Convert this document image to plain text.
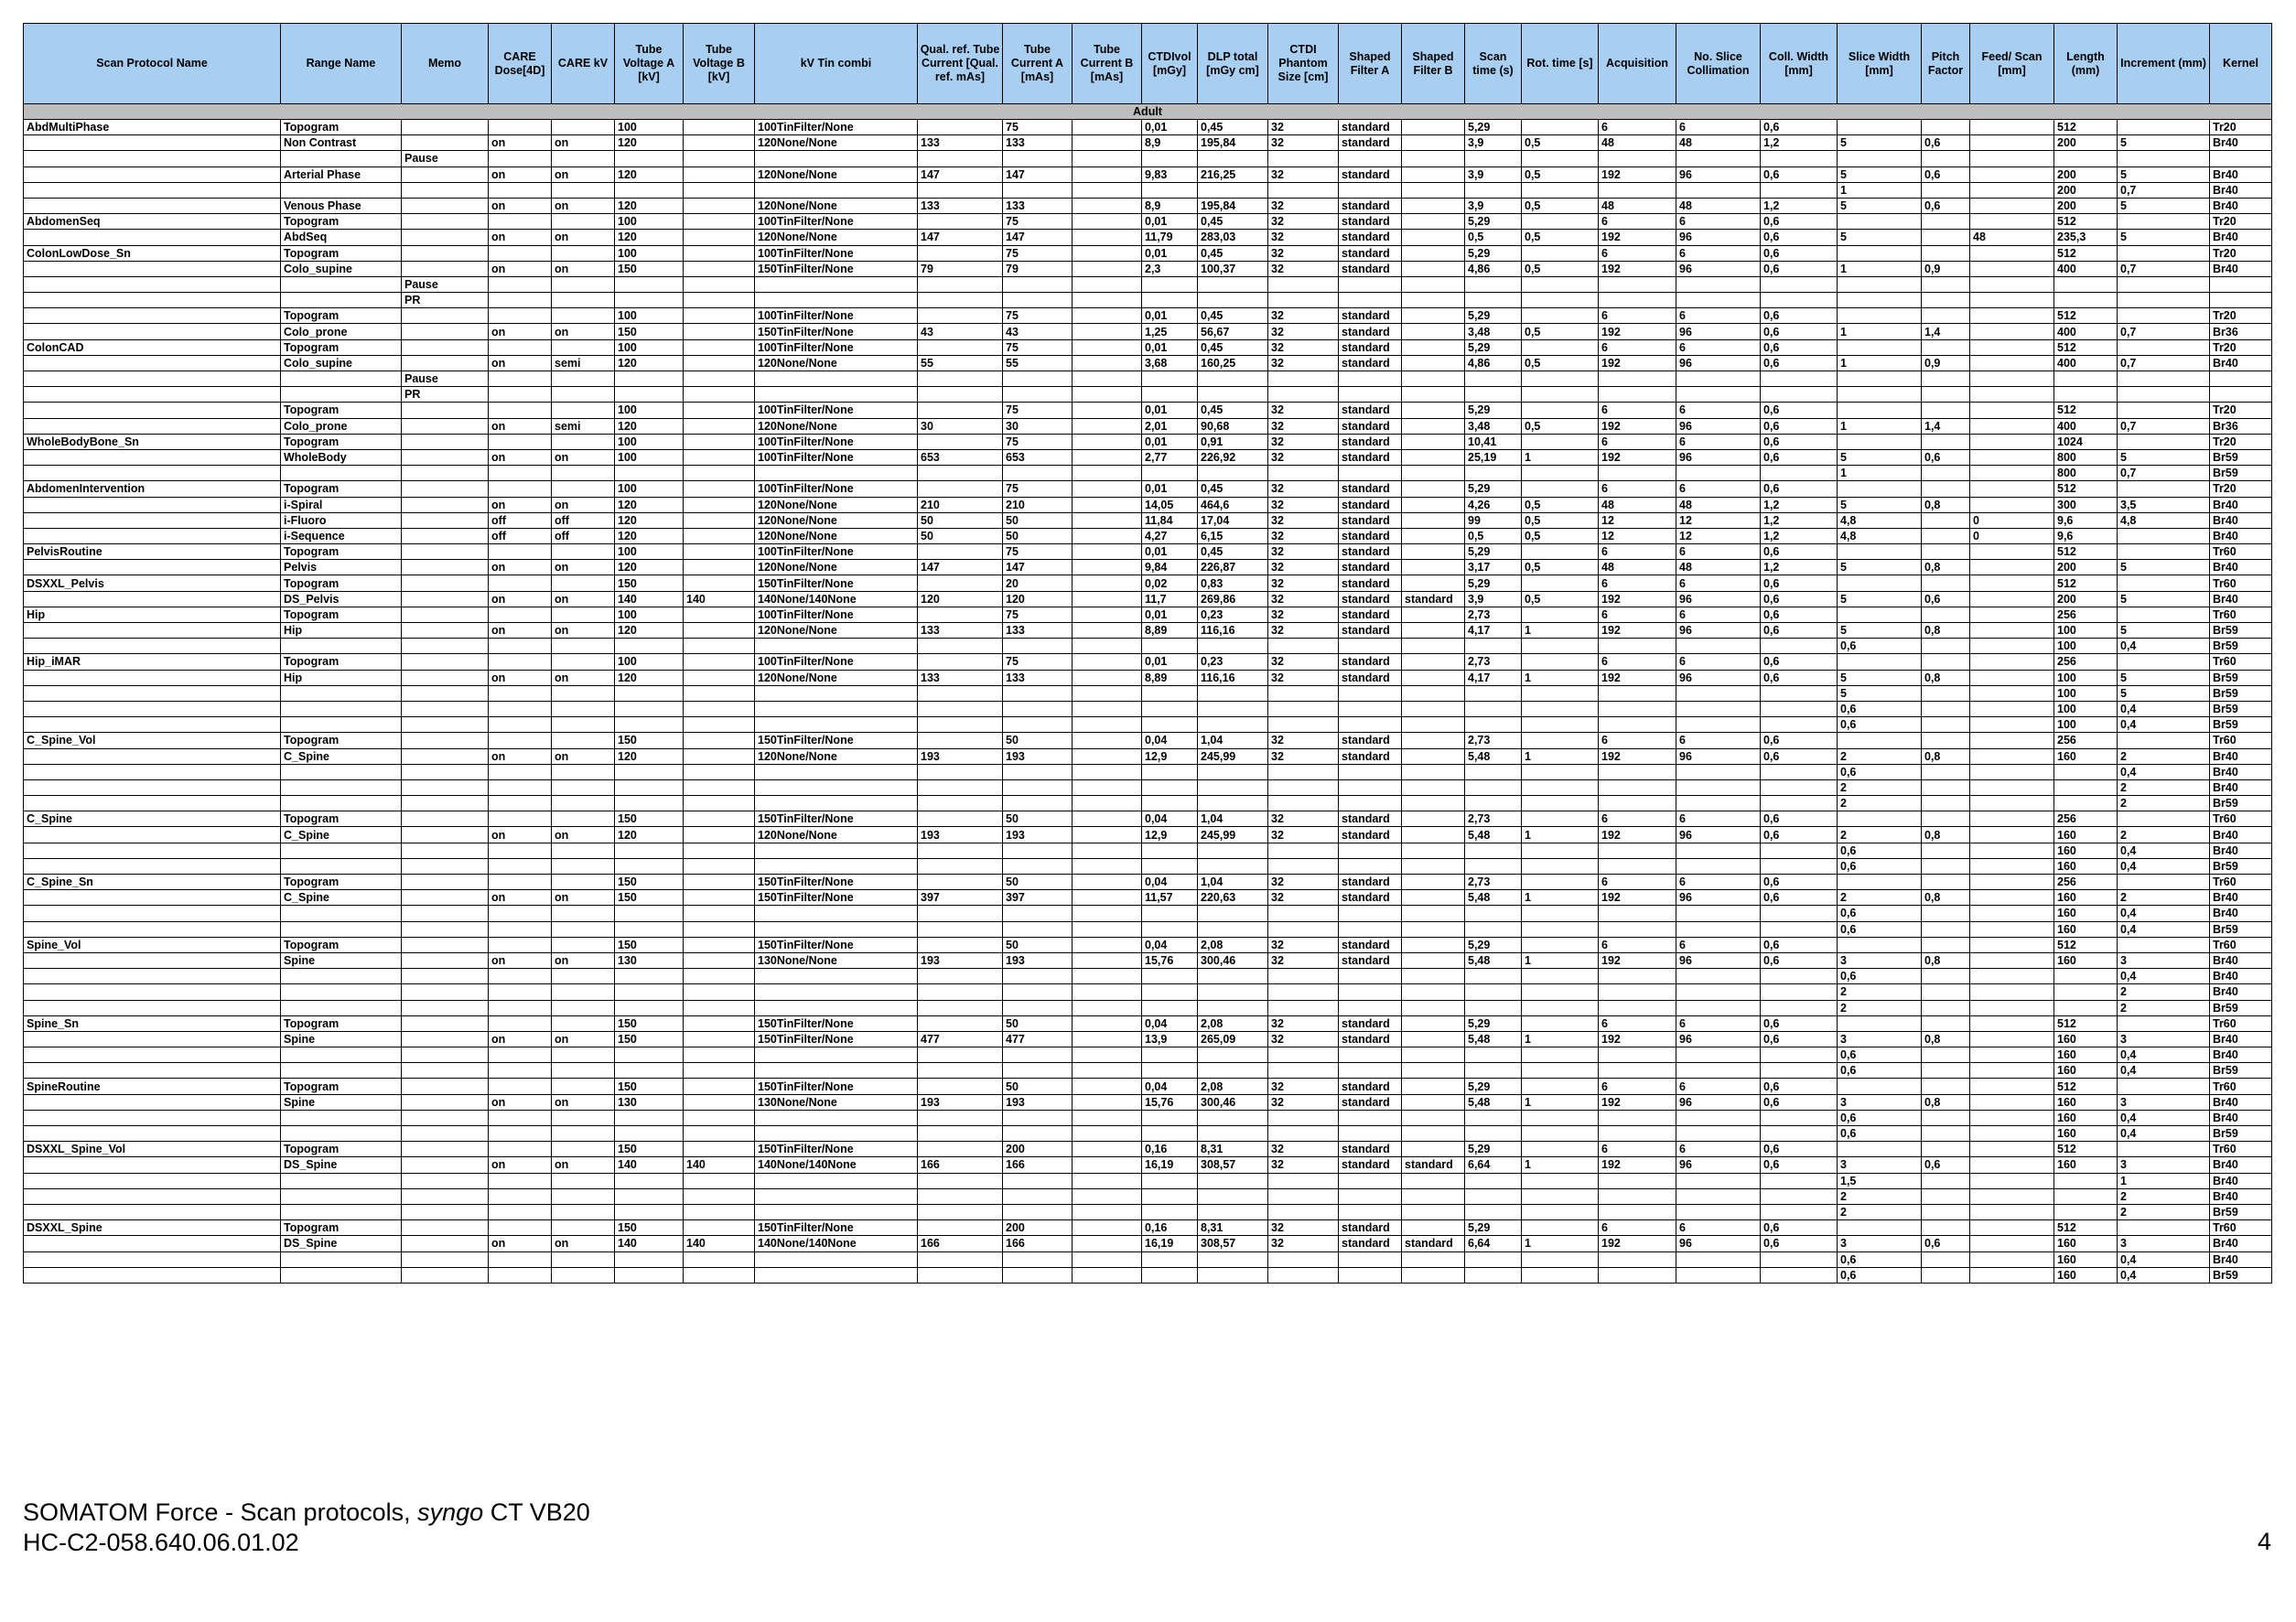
Scan Protocol Name	Range Name	Memo	CARE Dose[4D]	CARE kV	Tube Voltage A [kV]	Tube Voltage B [kV]	kV Tin combi	Qual. ref. Tube Current [Qual. ref. mAs]	Tube Current A [mAs]	Tube Current B [mAs]	CTDIvol [mGy]	DLP total [mGy cm]	CTDI Phantom Size [cm]	Shaped Filter A	Shaped Filter B	Scan time (s)	Rot. time [s]	Acquisition	No. Slice Collimation	Coll. Width [mm]	Slice Width [mm]	Pitch Factor	Feed/ Scan [mm]	Length (mm)	Increment (mm)	Kernel
Adult																										
AbdMultiPhase	Topogram				100		100TinFilter/None		75		0,01	0,45	32	standard		5,29		6	6	0,6				512		Tr20
	Non Contrast		on	on	120		120None/None	133	133		8,9	195,84	32	standard		3,9	0,5	48	48	1,2	5	0,6		200	5	Br40
		Pause																								
	Arterial Phase		on	on	120		120None/None	147	147		9,83	216,25	32	standard		3,9	0,5	192	96	0,6	5	0,6		200	5	Br40
																					1			200	0,7	Br40
	Venous Phase		on	on	120		120None/None	133	133		8,9	195,84	32	standard		3,9	0,5	48	48	1,2	5	0,6		200	5	Br40
AbdomenSeq	Topogram				100		100TinFilter/None		75		0,01	0,45	32	standard		5,29		6	6	0,6				512		Tr20
	AbdSeq		on	on	120		120None/None	147	147		11,79	283,03	32	standard		0,5	0,5	192	96	0,6	5		48	235,3	5	Br40
ColonLowDose_Sn	Topogram				100		100TinFilter/None		75		0,01	0,45	32	standard		5,29		6	6	0,6				512		Tr20
	Colo_supine		on	on	150		150TinFilter/None	79	79		2,3	100,37	32	standard		4,86	0,5	192	96	0,6	1	0,9		400	0,7	Br40
		Pause																								
		PR																								
	Topogram				100		100TinFilter/None		75		0,01	0,45	32	standard		5,29		6	6	0,6				512		Tr20
	Colo_prone		on	on	150		150TinFilter/None	43	43		1,25	56,67	32	standard		3,48	0,5	192	96	0,6	1	1,4		400	0,7	Br36
ColonCAD	Topogram				100		100TinFilter/None		75		0,01	0,45	32	standard		5,29		6	6	0,6				512		Tr20
	Colo_supine		on	semi	120		120None/None	55	55		3,68	160,25	32	standard		4,86	0,5	192	96	0,6	1	0,9		400	0,7	Br40
		Pause																								
		PR																								
	Topogram				100		100TinFilter/None		75		0,01	0,45	32	standard		5,29		6	6	0,6				512		Tr20
	Colo_prone		on	semi	120		120None/None	30	30		2,01	90,68	32	standard		3,48	0,5	192	96	0,6	1	1,4		400	0,7	Br36
WholeBodyBone_Sn	Topogram				100		100TinFilter/None		75		0,01	0,91	32	standard		10,41		6	6	0,6				1024		Tr20
	WholeBody		on	on	100		100TinFilter/None	653	653		2,77	226,92	32	standard		25,19	1	192	96	0,6	5	0,6		800	5	Br59
																					1			800	0,7	Br59
AbdomenIntervention	Topogram				100		100TinFilter/None		75		0,01	0,45	32	standard		5,29		6	6	0,6				512		Tr20
	i-Spiral		on	on	120		120None/None	210	210		14,05	464,6	32	standard		4,26	0,5	48	48	1,2	5	0,8		300	3,5	Br40
	i-Fluoro		off	off	120		120None/None	50	50		11,84	17,04	32	standard		99	0,5	12	12	1,2	4,8		0	9,6	4,8	Br40
	i-Sequence		off	off	120		120None/None	50	50		4,27	6,15	32	standard		0,5	0,5	12	12	1,2	4,8		0	9,6		Br40
PelvisRoutine	Topogram				100		100TinFilter/None		75		0,01	0,45	32	standard		5,29		6	6	0,6				512		Tr60
	Pelvis		on	on	120		120None/None	147	147		9,84	226,87	32	standard		3,17	0,5	48	48	1,2	5	0,8		200	5	Br40
DSXXL_Pelvis	Topogram				150		150TinFilter/None		20		0,02	0,83	32	standard		5,29		6	6	0,6				512		Tr60
	DS_Pelvis		on	on	140	140	140None/140None	120	120		11,7	269,86	32	standard	standard	3,9	0,5	192	96	0,6	5	0,6		200	5	Br40
Hip	Topogram				100		100TinFilter/None		75		0,01	0,23	32	standard		2,73		6	6	0,6				256		Tr60
	Hip		on	on	120		120None/None	133	133		8,89	116,16	32	standard		4,17	1	192	96	0,6	5	0,8		100	5	Br59
																					0,6			100	0,4	Br59
Hip_iMAR	Topogram				100		100TinFilter/None		75		0,01	0,23	32	standard		2,73		6	6	0,6				256		Tr60
	Hip		on	on	120		120None/None	133	133		8,89	116,16	32	standard		4,17	1	192	96	0,6	5	0,8		100	5	Br59
																					5			100	5	Br59
																					0,6			100	0,4	Br59
																					0,6			100	0,4	Br59
C_Spine_Vol	Topogram				150		150TinFilter/None		50		0,04	1,04	32	standard		2,73		6	6	0,6				256		Tr60
	C_Spine		on	on	120		120None/None	193	193		12,9	245,99	32	standard		5,48	1	192	96	0,6	2	0,8		160	2	Br40
																					0,6				0,4	Br40
																					2				2	Br40
																					2				2	Br59
C_Spine	Topogram				150		150TinFilter/None		50		0,04	1,04	32	standard		2,73		6	6	0,6				256		Tr60
	C_Spine		on	on	120		120None/None	193	193		12,9	245,99	32	standard		5,48	1	192	96	0,6	2	0,8		160	2	Br40
																					0,6			160	0,4	Br40
																					0,6			160	0,4	Br59
C_Spine_Sn	Topogram				150		150TinFilter/None		50		0,04	1,04	32	standard		2,73		6	6	0,6				256		Tr60
	C_Spine		on	on	150		150TinFilter/None	397	397		11,57	220,63	32	standard		5,48	1	192	96	0,6	2	0,8		160	2	Br40
																					0,6			160	0,4	Br40
																					0,6			160	0,4	Br59
Spine_Vol	Topogram				150		150TinFilter/None		50		0,04	2,08	32	standard		5,29		6	6	0,6				512		Tr60
	Spine		on	on	130		130None/None	193	193		15,76	300,46	32	standard		5,48	1	192	96	0,6	3	0,8		160	3	Br40
																					0,6				0,4	Br40
																					2				2	Br40
																					2				2	Br59
Spine_Sn	Topogram				150		150TinFilter/None		50		0,04	2,08	32	standard		5,29		6	6	0,6				512		Tr60
	Spine		on	on	150		150TinFilter/None	477	477		13,9	265,09	32	standard		5,48	1	192	96	0,6	3	0,8		160	3	Br40
																					0,6			160	0,4	Br40
																					0,6			160	0,4	Br59
SpineRoutine	Topogram				150		150TinFilter/None		50		0,04	2,08	32	standard		5,29		6	6	0,6				512		Tr60
	Spine		on	on	130		130None/None	193	193		15,76	300,46	32	standard		5,48	1	192	96	0,6	3	0,8		160	3	Br40
																					0,6			160	0,4	Br40
																					0,6			160	0,4	Br59
DSXXL_Spine_Vol	Topogram				150		150TinFilter/None		200		0,16	8,31	32	standard		5,29		6	6	0,6				512		Tr60
	DS_Spine		on	on	140	140	140None/140None	166	166		16,19	308,57	32	standard	standard	6,64	1	192	96	0,6	3	0,6		160	3	Br40
																					1,5				1	Br40
																					2				2	Br40
																					2				2	Br59
DSXXL_Spine	Topogram				150		150TinFilter/None		200		0,16	8,31	32	standard		5,29		6	6	0,6				512		Tr60
	DS_Spine		on	on	140	140	140None/140None	166	166		16,19	308,57	32	standard	standard	6,64	1	192	96	0,6	3	0,6		160	3	Br40
																					0,6			160	0,4	Br40
																					0,6			160	0,4	Br59
SOMATOM Force - Scan protocols, syngo CT VB20
HC-C2-058.640.06.01.02	4
